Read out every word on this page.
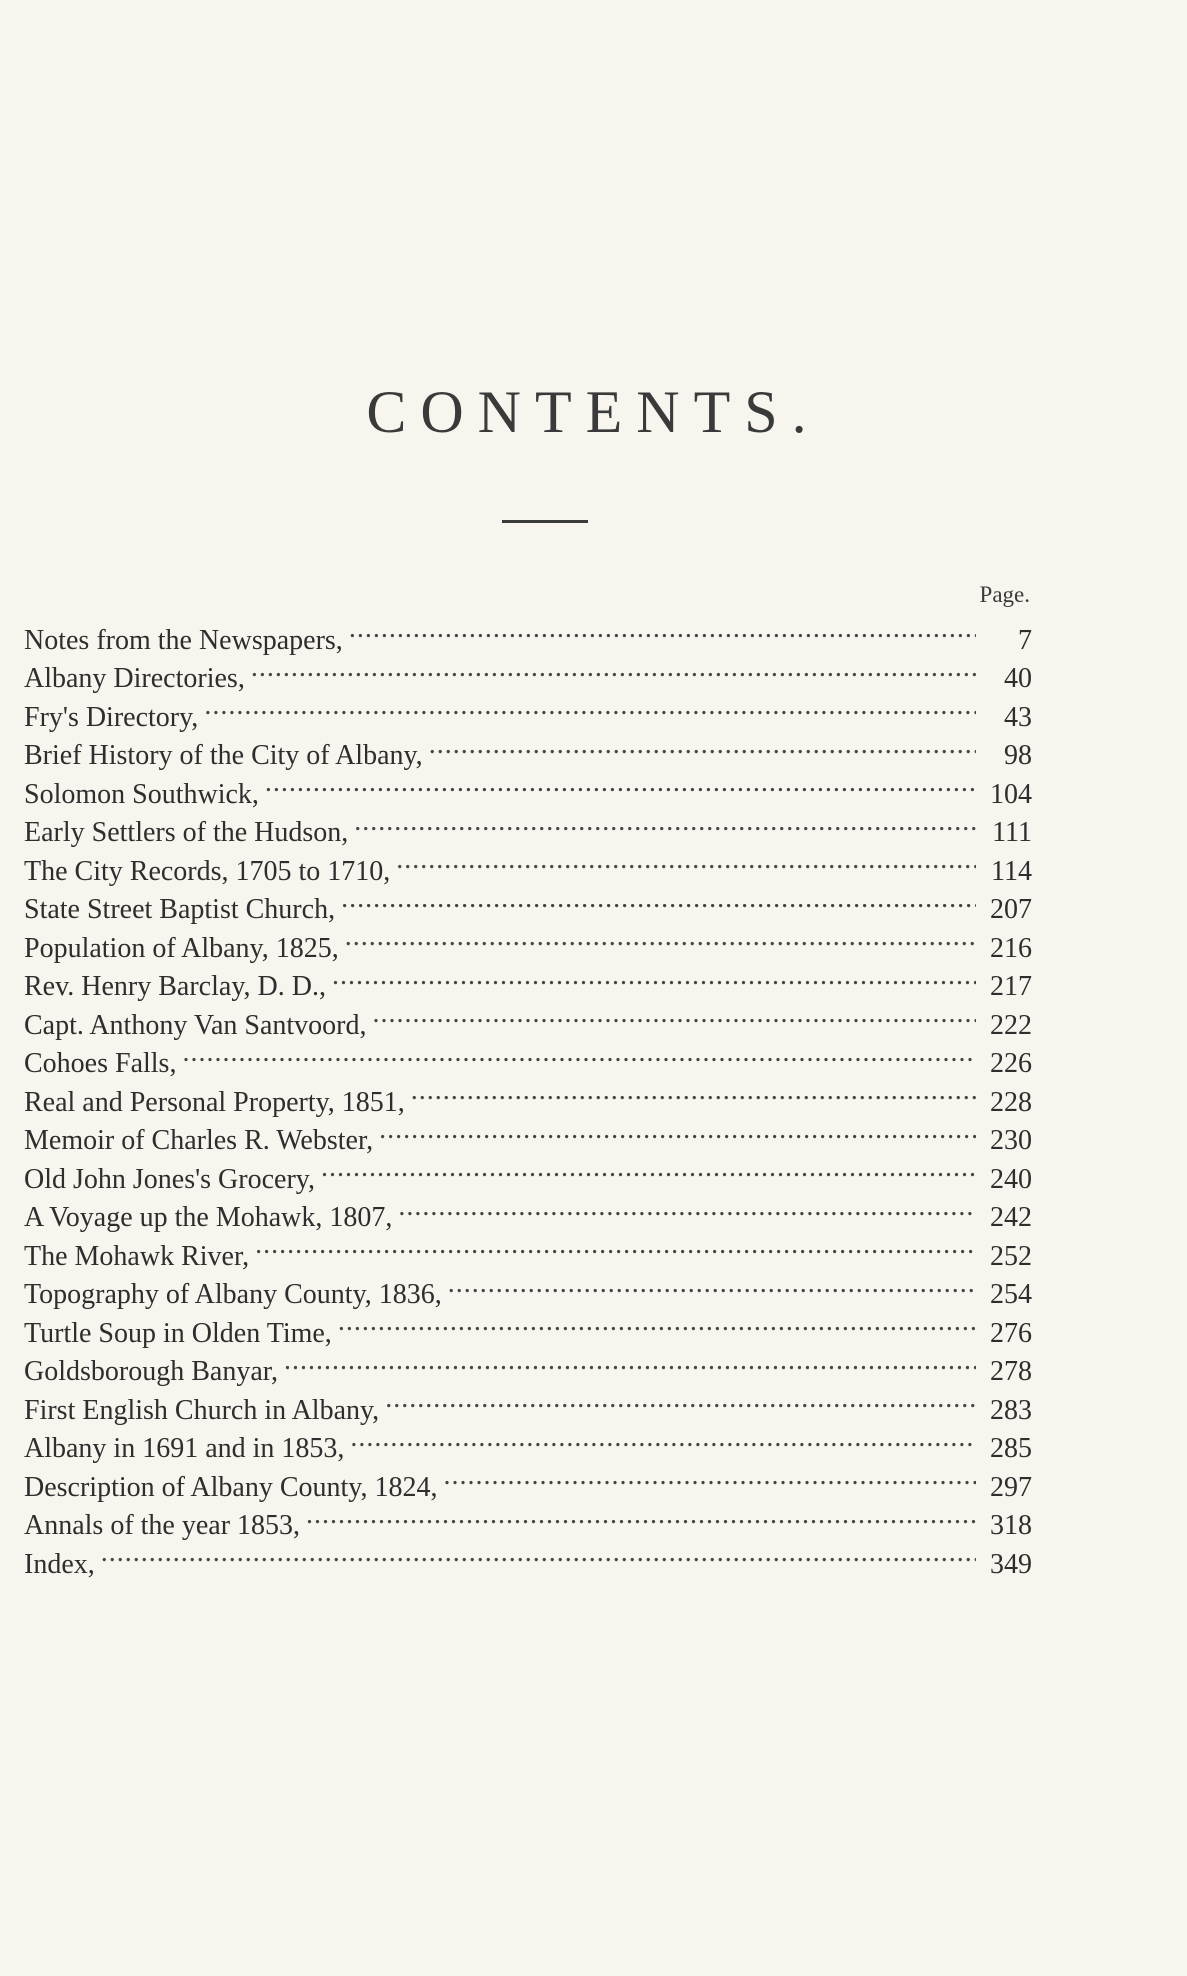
CONTENTS.
Page.
Notes from the Newspapers, . . .	7
Albany Directories, . . .	40
Fry's Directory, . . .	43
Brief History of the City of Albany, . . .	98
Solomon Southwick, . . .	104
Early Settlers of the Hudson, . . .	111
The City Records, 1705 to 1710, . . .	114
State Street Baptist Church, . . .	207
Population of Albany, 1825, . . .	216
Rev. Henry Barclay, D. D., . . .	217
Capt. Anthony Van Santvoord, . . .	222
Cohoes Falls, . . .	226
Real and Personal Property, 1851, . . .	228
Memoir of Charles R. Webster, . . .	230
Old John Jones's Grocery, . . .	240
A Voyage up the Mohawk, 1807, . . .	242
The Mohawk River, . . .	252
Topography of Albany County, 1836, . . .	254
Turtle Soup in Olden Time, . . .	276
Goldsborough Banyar, . . .	278
First English Church in Albany, . . .	283
Albany in 1691 and in 1853, . . .	285
Description of Albany County, 1824, . . .	297
Annals of the year 1853, . . .	318
Index, . . .	349
